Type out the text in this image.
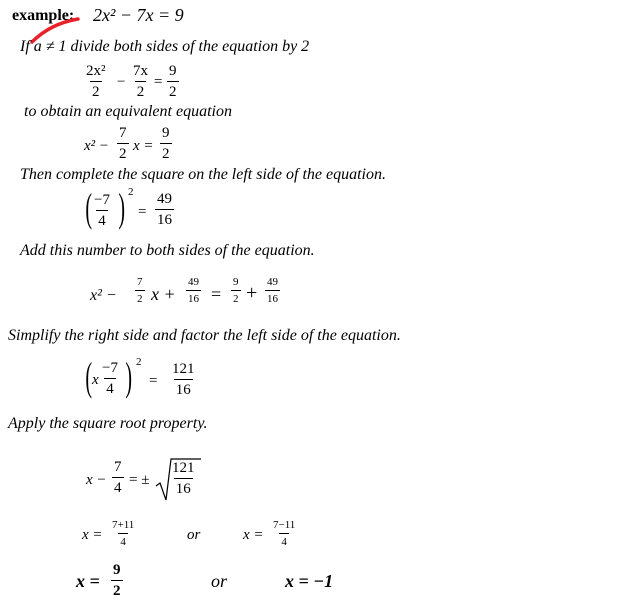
example: 2x² − 7x = 9
If a ≠ 1 divide both sides of the equation by 2
$\frac{\text{2x²}}{2} - \frac{7x}{2} = \frac{9}{2}$
to obtain an equivalent equation
$x^2 - \frac{7}{2}$ $x = \frac{9}{2}$
Then complete the square on the left side of the equation.
( $\frac{-7}{4}$ ) 2
= $\frac{49}{16}$
Add this number to both sides of the equation.
$x^2 - \frac{7}{2}$ $x + \frac{49}{16} = \frac{9}{2} + \frac{49}{16}$
Simplify the right side and factor the left side of the equation.
( x $\frac{-7}{4}$ ) 2
= $\frac{121}{16}$
Apply the square root property.
$x - \frac{7}{4}$ = ± $\frac{121}{16}$
$x = \frac{7+11}{4}$	or	$x = \frac{7-11}{4}$
$x = \frac{9}{2}$	or	x = −1
